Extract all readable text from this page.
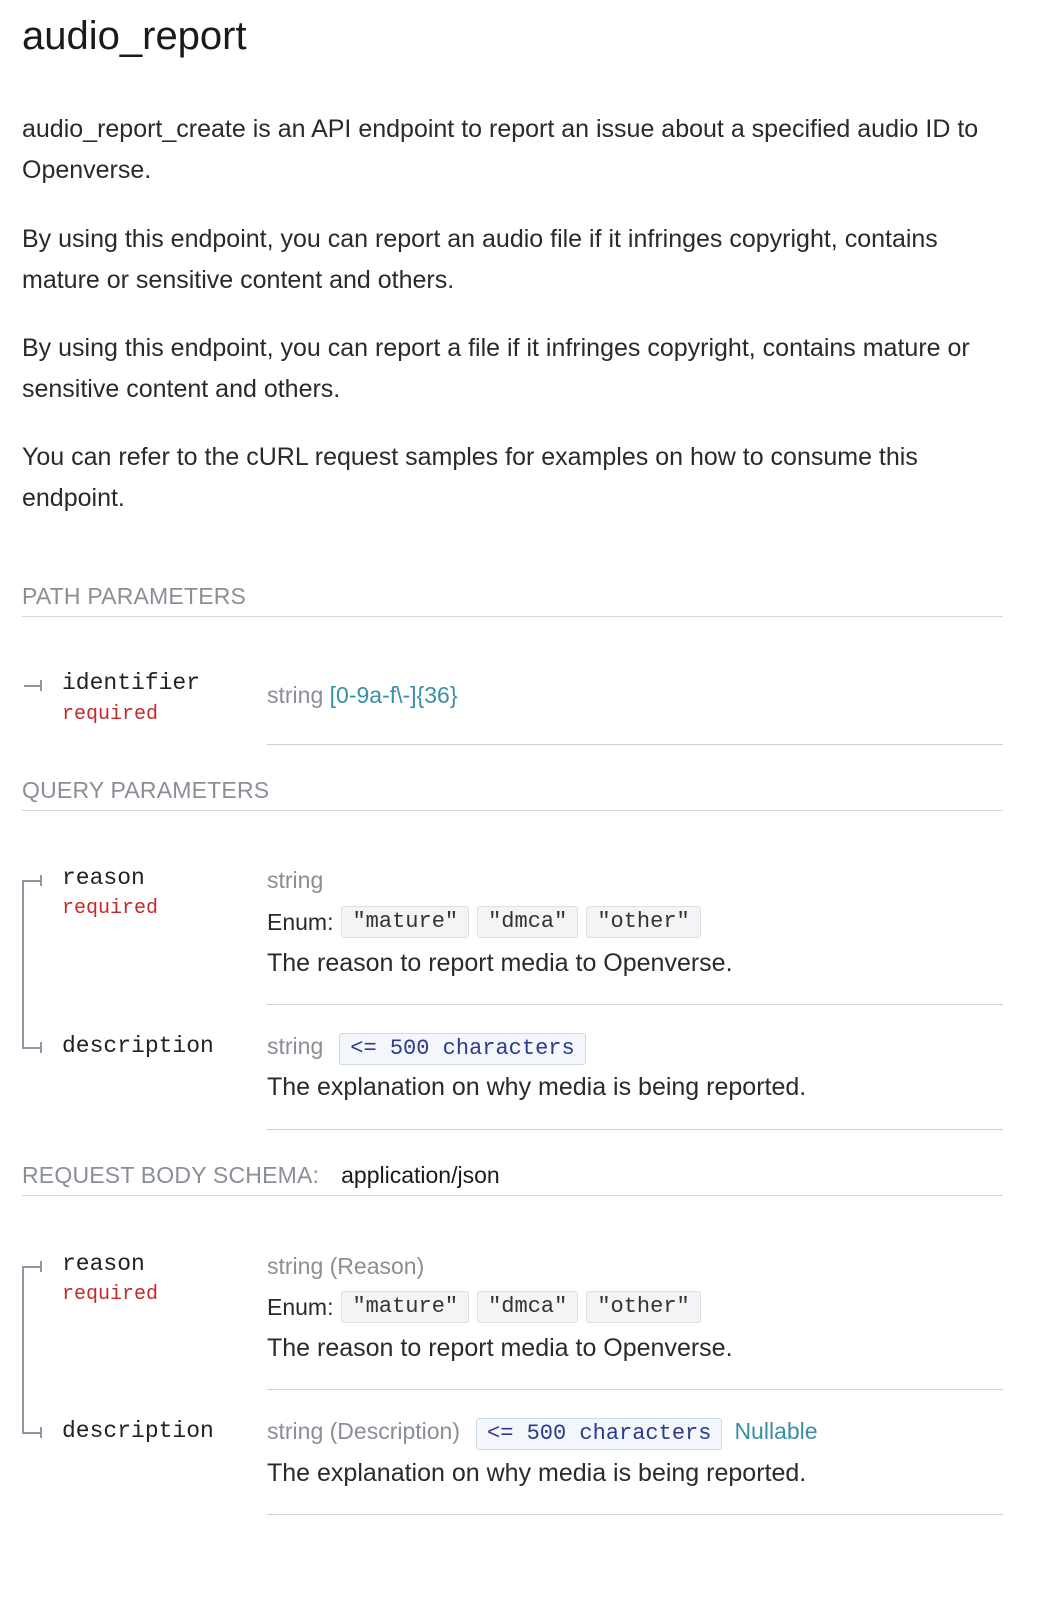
audio_report

audio_report_create is an API endpoint to report an issue about a specified audio ID to Openverse.

By using this endpoint, you can report an audio file if it infringes copyright, contains mature or sensitive content and others.

By using this endpoint, you can report a file if it infringes copyright, contains mature or sensitive content and others.

You can refer to the cURL request samples for examples on how to consume this endpoint.

PATH PARAMETERS
identifier
required
string [0-9a-f\-]{36}
QUERY PARAMETERS
reason
required
string
Enum: "mature"	"dmca"	"other"
The reason to report media to Openverse.
description string <= 500 characters
The explanation on why media is being reported.
REQUEST BODY SCHEMA: application/json
reason
required
string (Reason)
Enum: "mature"	"dmca"	"other"
The reason to report media to Openverse.
description string (Description) <= 500 characters Nullable
The explanation on why media is being reported.
